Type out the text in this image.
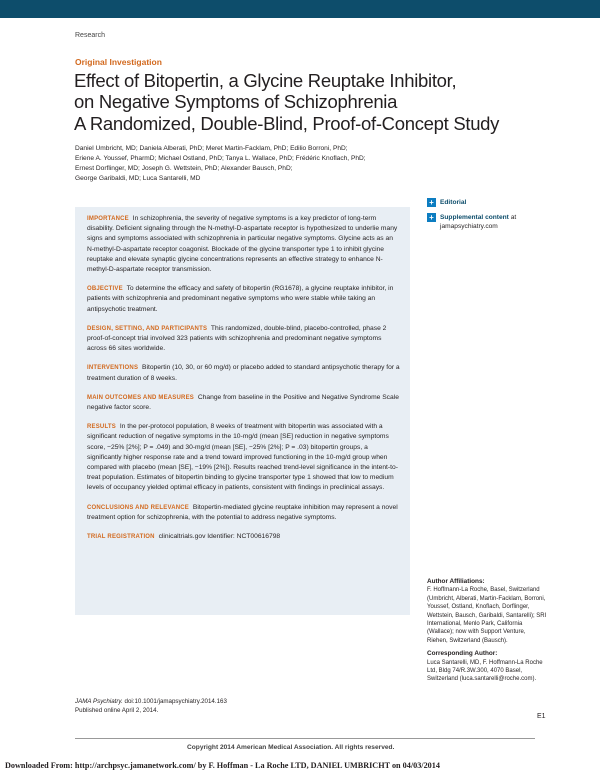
Research
Original Investigation
Effect of Bitopertin, a Glycine Reuptake Inhibitor,
on Negative Symptoms of Schizophrenia
A Randomized, Double-Blind, Proof-of-Concept Study
Daniel Umbricht, MD; Daniela Alberati, PhD; Meret Martin-Facklam, PhD; Edilio Borroni, PhD;
Eriene A. Youssef, PharmD; Michael Ostland, PhD; Tanya L. Wallace, PhD; Frédéric Knoflach, PhD;
Ernest Dorflinger, MD; Joseph G. Wettstein, PhD; Alexander Bausch, PhD;
George Garibaldi, MD; Luca Santarelli, MD
+ Editorial
+ Supplemental content at jamapsychiatry.com

IMPORTANCE In schizophrenia, the severity of negative symptoms is a key predictor of long-term disability. Deficient signaling through the N-methyl-D-aspartate receptor is hypothesized to underlie many signs and symptoms associated with schizophrenia in particular negative symptoms. Glycine acts as an N-methyl-D-aspartate receptor coagonist. Blockade of the glycine transporter type 1 to inhibit glycine reuptake and elevate synaptic glycine concentrations represents an effective strategy to enhance N-methyl-D-aspartate receptor transmission.

OBJECTIVE To determine the efficacy and safety of bitopertin (RG1678), a glycine reuptake inhibitor, in patients with schizophrenia and predominant negative symptoms who were stable while taking an antipsychotic treatment.

DESIGN, SETTING, AND PARTICIPANTS This randomized, double-blind, placebo-controlled, phase 2 proof-of-concept trial involved 323 patients with schizophrenia and predominant negative symptoms across 66 sites worldwide.

INTERVENTIONS Bitopertin (10, 30, or 60 mg/d) or placebo added to standard antipsychotic therapy for a treatment duration of 8 weeks.

MAIN OUTCOMES AND MEASURES Change from baseline in the Positive and Negative Syndrome Scale negative factor score.

RESULTS In the per-protocol population, 8 weeks of treatment with bitopertin was associated with a significant reduction of negative symptoms in the 10-mg/d (mean [SE] reduction in negative symptoms score, −25% [2%]; P = .049) and 30-mg/d (mean [SE], −25% [2%]; P = .03) bitopertin groups, a significantly higher response rate and a trend toward improved functioning in the 10-mg/d group when compared with placebo (mean [SE], −19% [2%]). Results reached trend-level significance in the intent-to-treat population. Estimates of bitopertin binding to glycine transporter type 1 showed that low to medium levels of occupancy yielded optimal efficacy in patients, consistent with findings in preclinical assays.

CONCLUSIONS AND RELEVANCE Bitopertin-mediated glycine reuptake inhibition may represent a novel treatment option for schizophrenia, with the potential to address negative symptoms.

TRIAL REGISTRATION clinicaltrials.gov Identifier: NCT00616798

Author Affiliations:
F. Hoffmann-La Roche, Basel, Switzerland (Umbricht, Alberati, Martin-Facklam, Borroni, Youssef, Ostland, Knoflach, Dorflinger, Wettstein, Bausch, Garibaldi, Santarelli); SRI International, Menlo Park, California (Wallace); now with Support Venture, Riehen, Switzerland (Bausch).

Corresponding Author:
Luca Santarelli, MD, F. Hoffmann-La Roche Ltd, Bldg 74/R.3W.300, 4070 Basel, Switzerland (luca.santarelli@roche.com).

JAMA Psychiatry. doi:10.1001/jamapsychiatry.2014.163
Published online April 2, 2014.
E1
Copyright 2014 American Medical Association. All rights reserved.
Downloaded From: http://archpsyc.jamanetwork.com/ by F. Hoffman - La Roche LTD, DANIEL UMBRICHT on 04/03/2014
